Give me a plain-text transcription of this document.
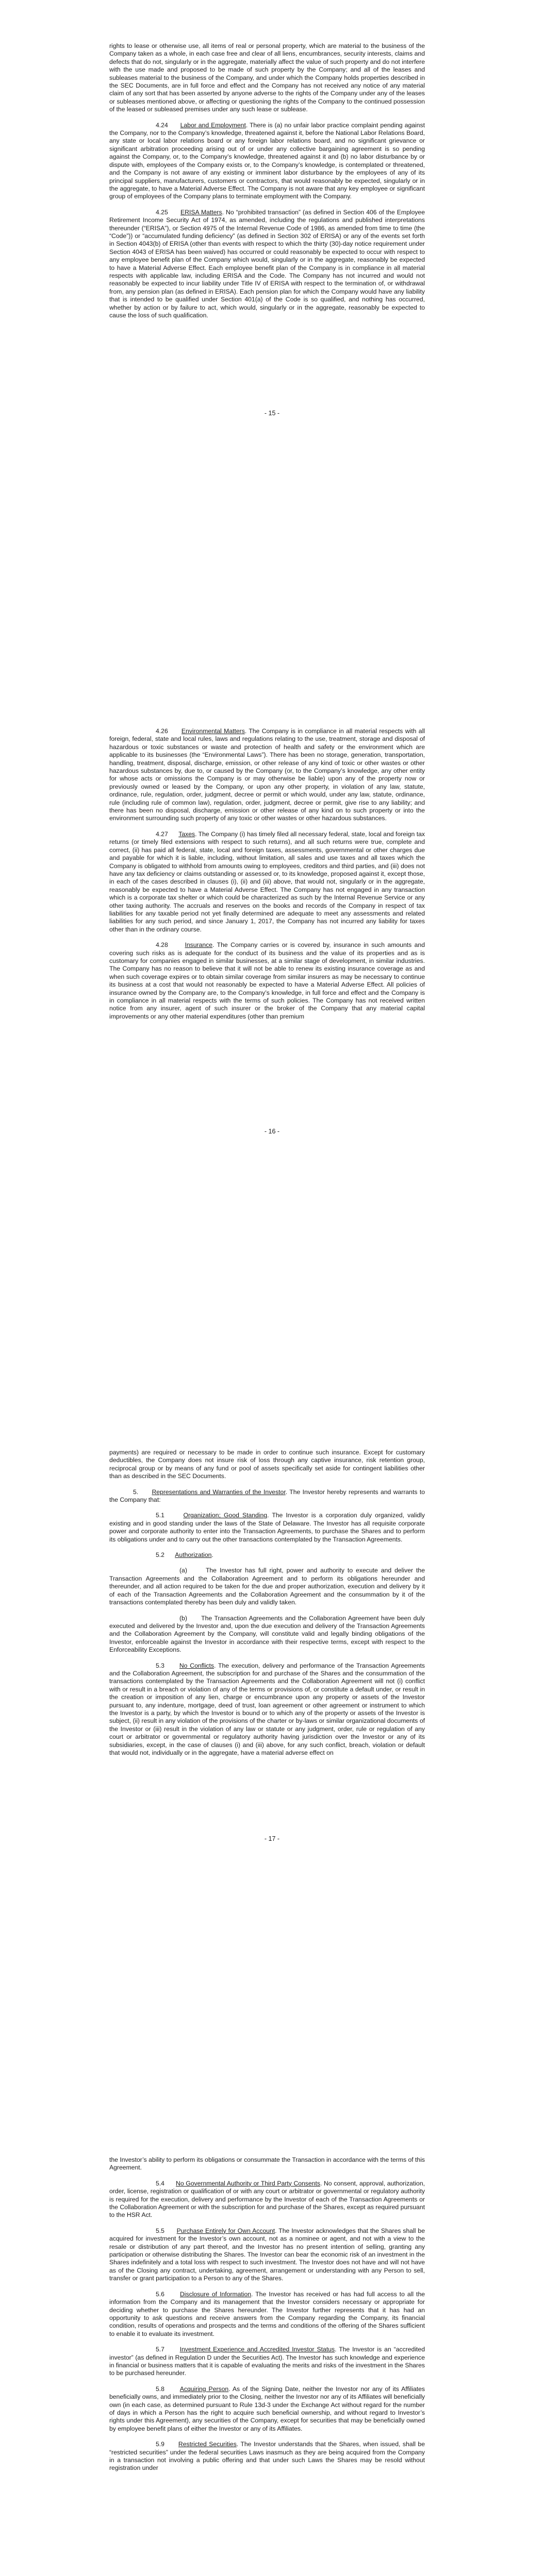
rights to lease or otherwise use, all items of real or personal property, which are material to the business of the Company taken as a whole, in each case free and clear of all liens, encumbrances, security interests, claims and defects that do not, singularly or in the aggregate, materially affect the value of such property and do not interfere with the use made and proposed to be made of such property by the Company; and all of the leases and subleases material to the business of the Company, and under which the Company holds properties described in the SEC Documents, are in full force and effect and the Company has not received any notice of any material claim of any sort that has been asserted by anyone adverse to the rights of the Company under any of the leases or subleases mentioned above, or affecting or questioning the rights of the Company to the continued possession of the leased or subleased premises under any such lease or sublease.

4.24 Labor and Employment. There is (a) no unfair labor practice complaint pending against the Company, nor to the Company’s knowledge, threatened against it, before the National Labor Relations Board, any state or local labor relations board or any foreign labor relations board, and no significant grievance or significant arbitration proceeding arising out of or under any collective bargaining agreement is so pending against the Company, or, to the Company’s knowledge, threatened against it and (b) no labor disturbance by or dispute with, employees of the Company exists or, to the Company’s knowledge, is contemplated or threatened, and the Company is not aware of any existing or imminent labor disturbance by the employees of any of its principal suppliers, manufacturers, customers or contractors, that would reasonably be expected, singularly or in the aggregate, to have a Material Adverse Effect. The Company is not aware that any key employee or significant group of employees of the Company plans to terminate employment with the Company.

4.25 ERISA Matters. No “prohibited transaction” (as defined in Section 406 of the Employee Retirement Income Security Act of 1974, as amended, including the regulations and published interpretations thereunder (“ERISA”), or Section 4975 of the Internal Revenue Code of 1986, as amended from time to time (the “Code”)) or “accumulated funding deficiency” (as defined in Section 302 of ERISA) or any of the events set forth in Section 4043(b) of ERISA (other than events with respect to which the thirty (30)-day notice requirement under Section 4043 of ERISA has been waived) has occurred or could reasonably be expected to occur with respect to any employee benefit plan of the Company which would, singularly or in the aggregate, reasonably be expected to have a Material Adverse Effect. Each employee benefit plan of the Company is in compliance in all material respects with applicable law, including ERISA and the Code. The Company has not incurred and would not reasonably be expected to incur liability under Title IV of ERISA with respect to the termination of, or withdrawal from, any pension plan (as defined in ERISA). Each pension plan for which the Company would have any liability that is intended to be qualified under Section 401(a) of the Code is so qualified, and nothing has occurred, whether by action or by failure to act, which would, singularly or in the aggregate, reasonably be expected to cause the loss of such qualification.

- 15 -

4.26 Environmental Matters. The Company is in compliance in all material respects with all foreign, federal, state and local rules, laws and regulations relating to the use, treatment, storage and disposal of hazardous or toxic substances or waste and protection of health and safety or the environment which are applicable to its businesses (the “Environmental Laws”). There has been no storage, generation, transportation, handling, treatment, disposal, discharge, emission, or other release of any kind of toxic or other wastes or other hazardous substances by, due to, or caused by the Company (or, to the Company’s knowledge, any other entity for whose acts or omissions the Company is or may otherwise be liable) upon any of the property now or previously owned or leased by the Company, or upon any other property, in violation of any law, statute, ordinance, rule, regulation, order, judgment, decree or permit or which would, under any law, statute, ordinance, rule (including rule of common law), regulation, order, judgment, decree or permit, give rise to any liability; and there has been no disposal, discharge, emission or other release of any kind on to such property or into the environment surrounding such property of any toxic or other wastes or other hazardous substances.

4.27 Taxes. The Company (i) has timely filed all necessary federal, state, local and foreign tax returns (or timely filed extensions with respect to such returns), and all such returns were true, complete and correct, (ii) has paid all federal, state, local and foreign taxes, assessments, governmental or other charges due and payable for which it is liable, including, without limitation, all sales and use taxes and all taxes which the Company is obligated to withhold from amounts owing to employees, creditors and third parties, and (iii) does not have any tax deficiency or claims outstanding or assessed or, to its knowledge, proposed against it, except those, in each of the cases described in clauses (i), (ii) and (iii) above, that would not, singularly or in the aggregate, reasonably be expected to have a Material Adverse Effect. The Company has not engaged in any transaction which is a corporate tax shelter or which could be characterized as such by the Internal Revenue Service or any other taxing authority. The accruals and reserves on the books and records of the Company in respect of tax liabilities for any taxable period not yet finally determined are adequate to meet any assessments and related liabilities for any such period, and since January 1, 2017, the Company has not incurred any liability for taxes other than in the ordinary course.

4.28	Insurance. The Company carries or is covered by, insurance in such amounts and covering such risks as is adequate for the conduct of its business and the value of its properties and as is customary for companies engaged in similar businesses, at a similar stage of development, in similar industries. The Company has no reason to believe that it will not be able to renew its existing insurance coverage as and when such coverage expires or to obtain similar coverage from similar insurers as may be necessary to continue its business at a cost that would not reasonably be expected to have a Material Adverse Effect. All policies of insurance owned by the Company are, to the Company’s knowledge, in full force and effect and the Company is in compliance in all material respects with the terms of such policies. The Company has not received written notice from any insurer, agent of such insurer or the broker of the Company that any material capital improvements or any other material expenditures (other than premium

- 16 -

payments) are required or necessary to be made in order to continue such insurance. Except for customary deductibles, the Company does not insure risk of loss through any captive insurance, risk retention group, reciprocal group or by means of any fund or pool of assets specifically set aside for contingent liabilities other than as described in the SEC Documents.

5. Representations and Warranties of the Investor. The Investor hereby represents and warrants to the Company that:

5.1	Organization; Good Standing. The Investor is a corporation duly organized, validly existing and in good standing under the laws of the State of Delaware. The Investor has all requisite corporate power and corporate authority to enter into the Transaction Agreements, to purchase the Shares and to perform its obligations under and to carry out the other transactions contemplated by the Transaction Agreements.

5.2 Authorization.

(a)	The Investor has full right, power and authority to execute and deliver the Transaction Agreements and the Collaboration Agreement and to perform its obligations hereunder and thereunder, and all action required to be taken for the due and proper authorization, execution and delivery by it of each of the Transaction Agreements and the Collaboration Agreement and the consummation by it of the transactions contemplated thereby has been duly and validly taken.

(b) The Transaction Agreements and the Collaboration Agreement have been duly executed and delivered by the Investor and, upon the due execution and delivery of the Transaction Agreements and the Collaboration Agreement by the Company, will constitute valid and legally binding obligations of the Investor, enforceable against the Investor in accordance with their respective terms, except with respect to the Enforceability Exceptions.

5.3 No Conflicts. The execution, delivery and performance of the Transaction Agreements and the Collaboration Agreement, the subscription for and purchase of the Shares and the consummation of the transactions contemplated by the Transaction Agreements and the Collaboration Agreement will not (i) conflict with or result in a breach or violation of any of the terms or provisions of, or constitute a default under, or result in the creation or imposition of any lien, charge or encumbrance upon any property or assets of the Investor pursuant to, any indenture, mortgage, deed of trust, loan agreement or other agreement or instrument to which the Investor is a party, by which the Investor is bound or to which any of the property or assets of the Investor is subject, (ii) result in any violation of the provisions of the charter or by-laws or similar organizational documents of the Investor or (iii) result in the violation of any law or statute or any judgment, order, rule or regulation of any court or arbitrator or governmental or regulatory authority having jurisdiction over the Investor or any of its subsidiaries, except, in the case of clauses (i) and (iii) above, for any such conflict, breach, violation or default that would not, individually or in the aggregate, have a material adverse effect on

- 17 -

the Investor’s ability to perform its obligations or consummate the Transaction in accordance with the terms of this Agreement.

5.4 No Governmental Authority or Third Party Consents. No consent, approval, authorization, order, license, registration or qualification of or with any court or arbitrator or governmental or regulatory authority is required for the execution, delivery and performance by the Investor of each of the Transaction Agreements or the Collaboration Agreement or with the subscription for and purchase of the Shares, except as required pursuant to the HSR Act.

5.5 Purchase Entirely for Own Account. The Investor acknowledges that the Shares shall be acquired for investment for the Investor’s own account, not as a nominee or agent, and not with a view to the resale or distribution of any part thereof, and the Investor has no present intention of selling, granting any participation or otherwise distributing the Shares. The Investor can bear the economic risk of an investment in the Shares indefinitely and a total loss with respect to such investment. The Investor does not have and will not have as of the Closing any contract, undertaking, agreement, arrangement or understanding with any Person to sell, transfer or grant participation to a Person to any of the Shares.

5.6 Disclosure of Information. The Investor has received or has had full access to all the information from the Company and its management that the Investor considers necessary or appropriate for deciding whether to purchase the Shares hereunder. The Investor further represents that it has had an opportunity to ask questions and receive answers from the Company regarding the Company, its financial condition, results of operations and prospects and the terms and conditions of the offering of the Shares sufficient to enable it to evaluate its investment.

5.7 Investment Experience and Accredited Investor Status. The Investor is an “accredited investor” (as defined in Regulation D under the Securities Act). The Investor has such knowledge and experience in financial or business matters that it is capable of evaluating the merits and risks of the investment in the Shares to be purchased hereunder.

5.8 Acquiring Person. As of the Signing Date, neither the Investor nor any of its Affiliates beneficially owns, and immediately prior to the Closing, neither the Investor nor any of its Affiliates will beneficially own (in each case, as determined pursuant to Rule 13d-3 under the Exchange Act without regard for the number of days in which a Person has the right to acquire such beneficial ownership, and without regard to Investor’s rights under this Agreement), any securities of the Company, except for securities that may be beneficially owned by employee benefit plans of either the Investor or any of its Affiliates.

5.9 Restricted Securities. The Investor understands that the Shares, when issued, shall be “restricted securities” under the federal securities Laws inasmuch as they are being acquired from the Company in a transaction not involving a public offering and that under such Laws the Shares may be resold without registration under
